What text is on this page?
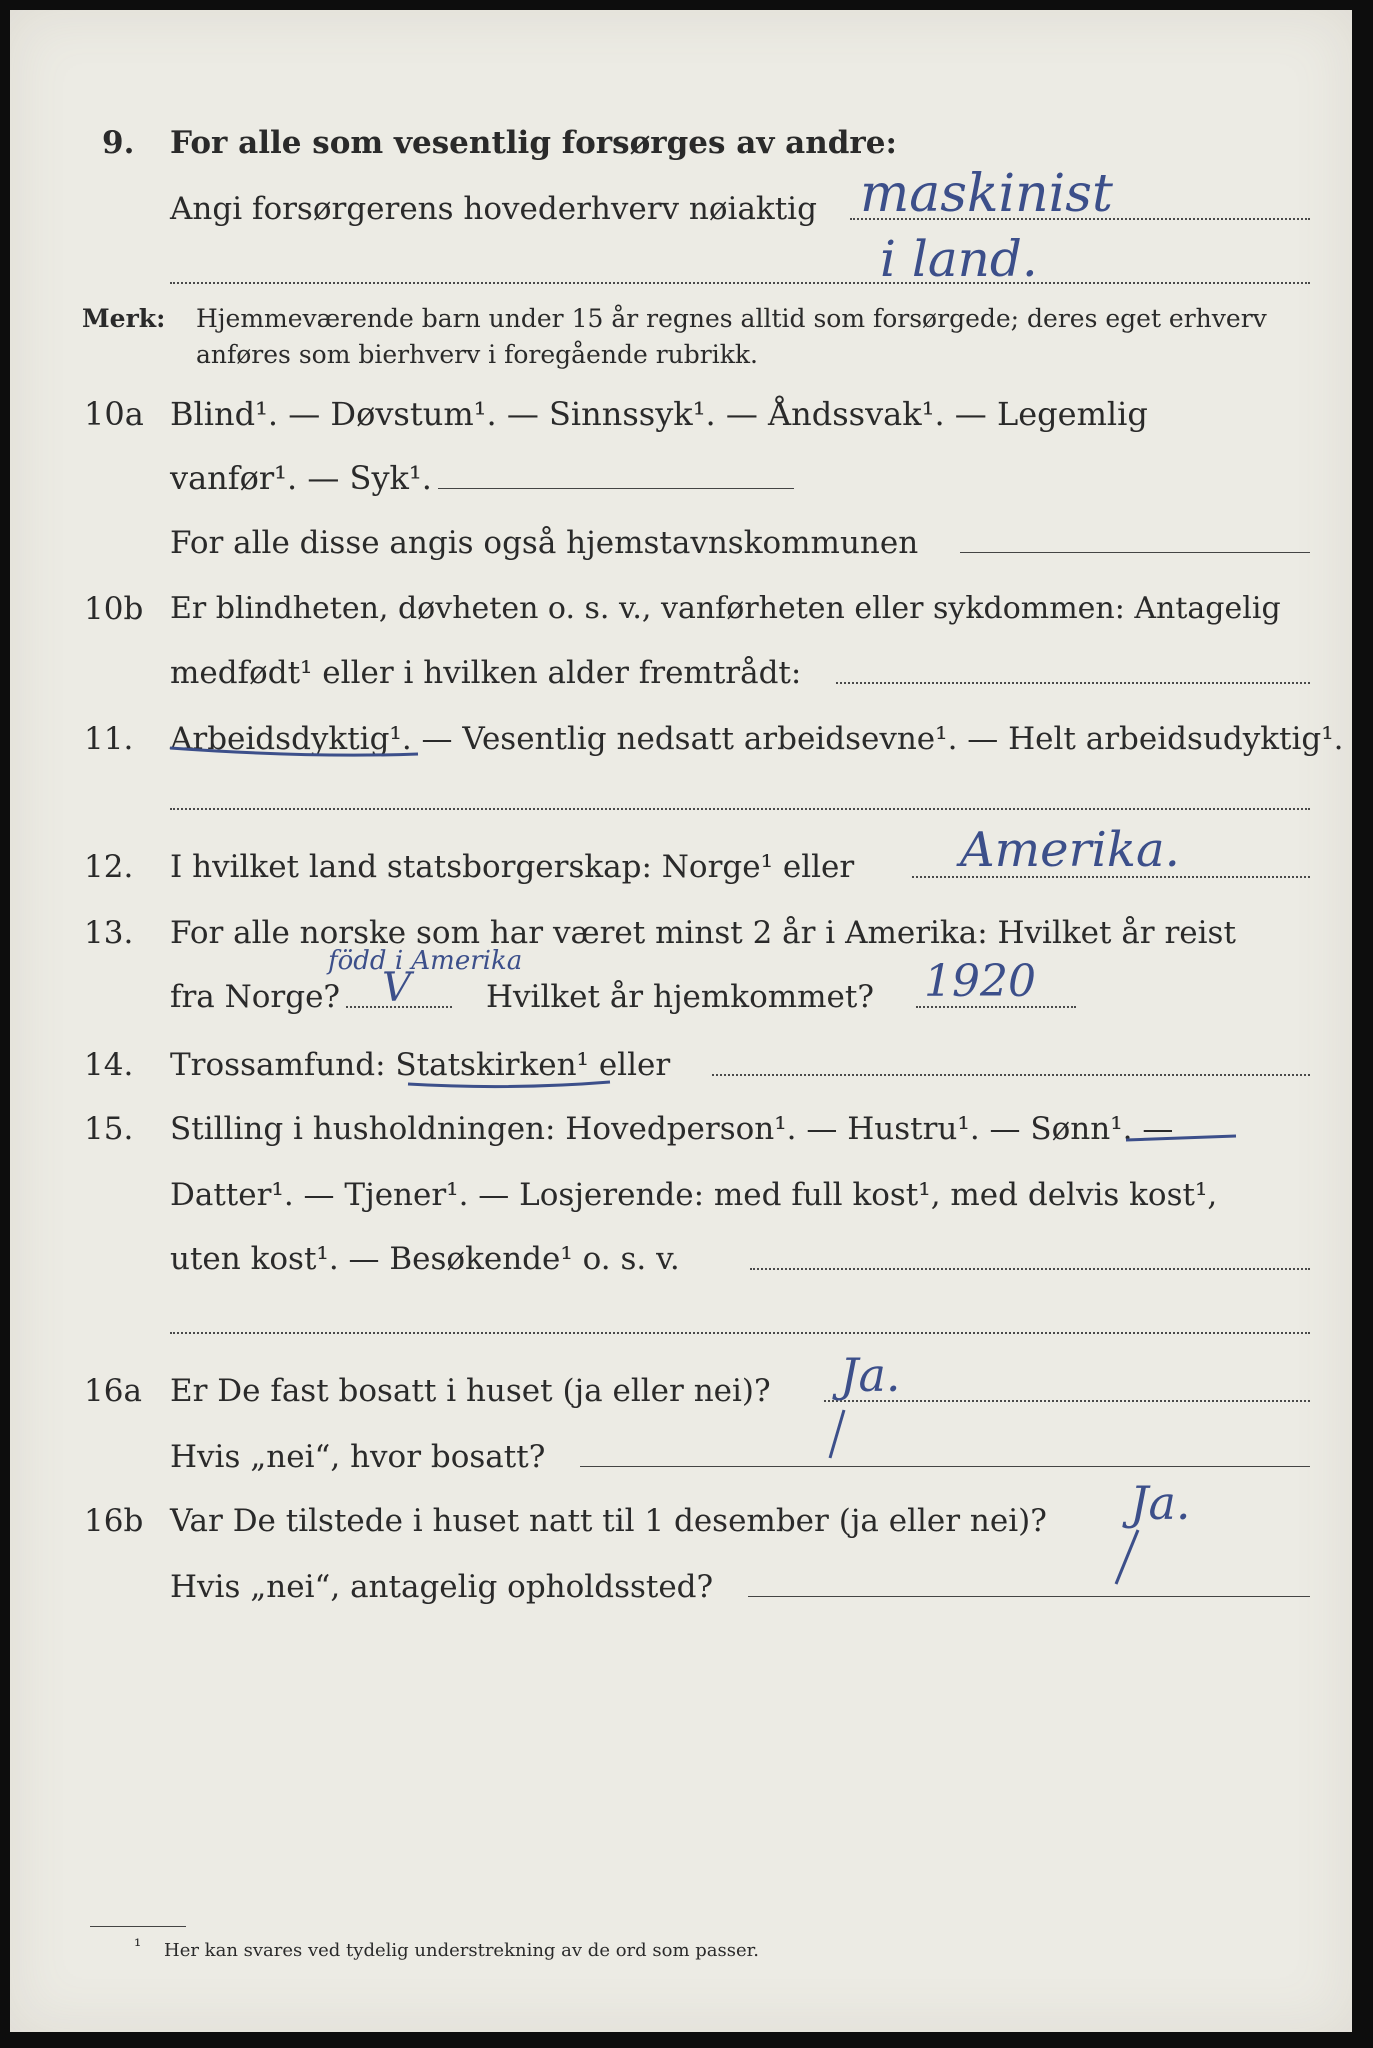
9. For alle som vesentlig forsørges av andre:
Angi forsørgerens hovederhverv nøiaktig maskinist
i land.
Merk: Hjemmeværende barn under 15 år regnes alltid som forsørgede; deres eget erhverv
anføres som bierhverv i foregående rubrikk.
10a Blind¹. — Døvstum¹. — Sinnssyk¹. — Åndssvak¹. — Legemlig
vanfør¹. — Syk¹.
For alle disse angis også hjemstavnskommunen
10b Er blindheten, døvheten o. s. v., vanførheten eller sykdommen: Antagelig
medfødt¹ eller i hvilken alder fremtrådt:
11. Arbeidsdyktig¹. — Vesentlig nedsatt arbeidsevne¹. — Helt arbeidsudyktig¹.
12. I hvilket land statsborgerskap: Norge¹ eller Amerika.
13. For alle norske som har været minst 2 år i Amerika: Hvilket år reist
född i Amerika
fra Norge? V Hvilket år hjemkommet? 1920
14. Trossamfund: Statskirken¹ eller
15. Stilling i husholdningen: Hovedperson¹. — Hustru¹. — Sønn¹. —
Datter¹. — Tjener¹. — Losjerende: med full kost¹, med delvis kost¹,
uten kost¹. — Besøkende¹ o. s. v.
16a Er De fast bosatt i huset (ja eller nei)? Ja.
Hvis „nei“, hvor bosatt?
16b Var De tilstede i huset natt til 1 desember (ja eller nei)? Ja.
Hvis „nei“, antagelig opholdssted?
¹ Her kan svares ved tydelig understrekning av de ord som passer.
